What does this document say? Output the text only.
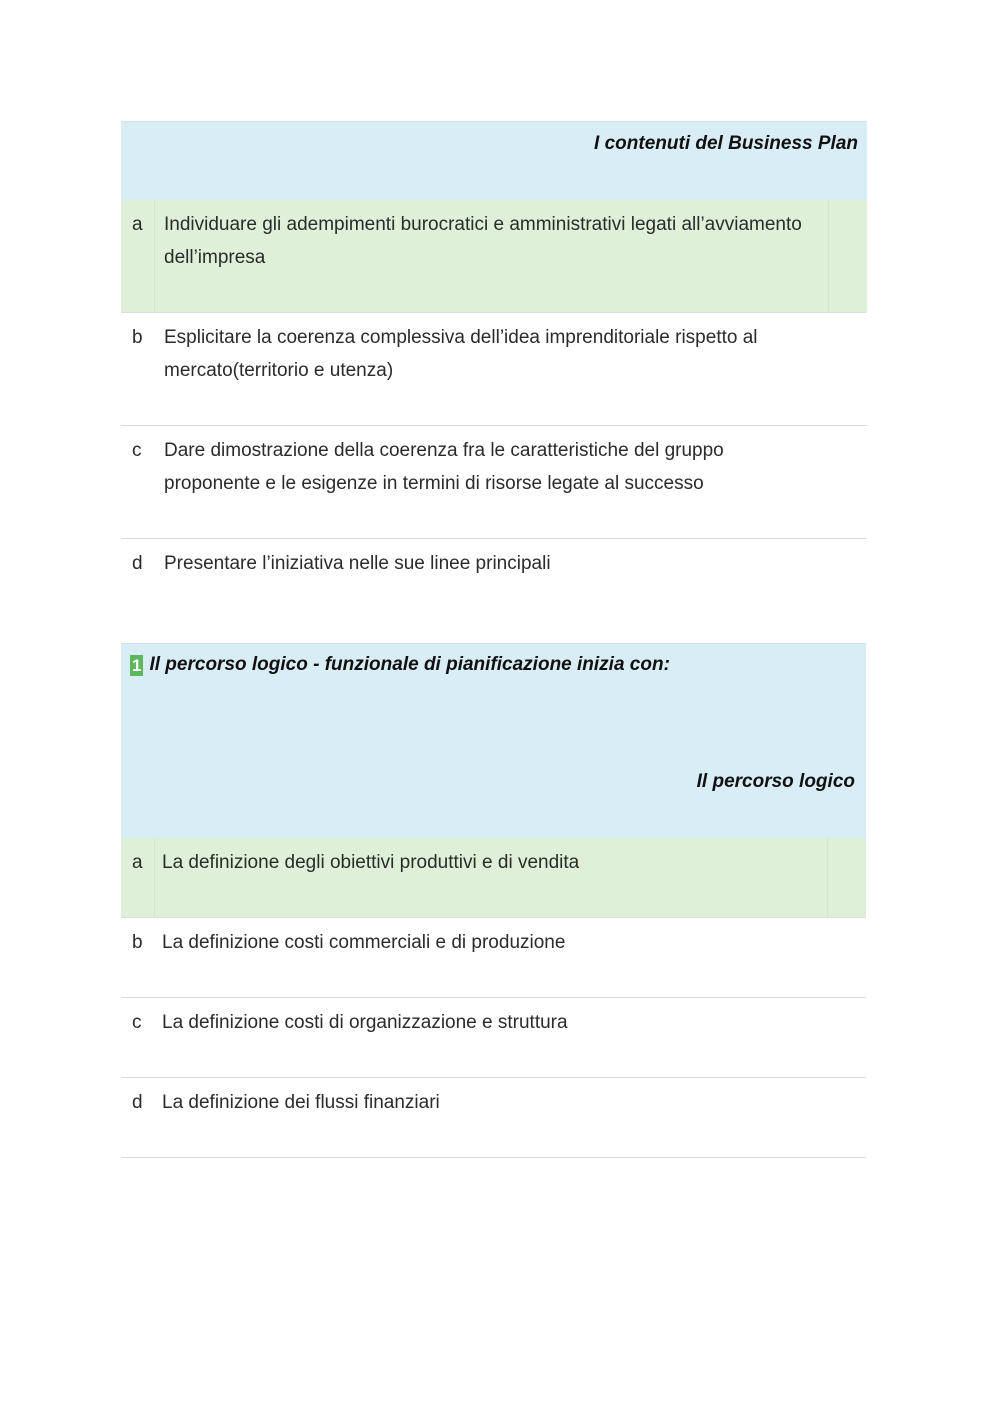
I contenuti del Business Plan
a Individuare gli adempimenti burocratici e amministrativi legati all’avviamento dell’impresa
b Esplicitare la coerenza complessiva dell’idea imprenditoriale rispetto al mercato(territorio e utenza)
c Dare dimostrazione della coerenza fra le caratteristiche del gruppo proponente e le esigenze in termini di risorse legate al successo
d Presentare l’iniziativa nelle sue linee principali
1 Il percorso logico - funzionale di pianificazione inizia con:
Il percorso logico
a La definizione degli obiettivi produttivi e di vendita
b La definizione costi commerciali e di produzione
c La definizione costi di organizzazione e struttura
d La definizione dei flussi finanziari
